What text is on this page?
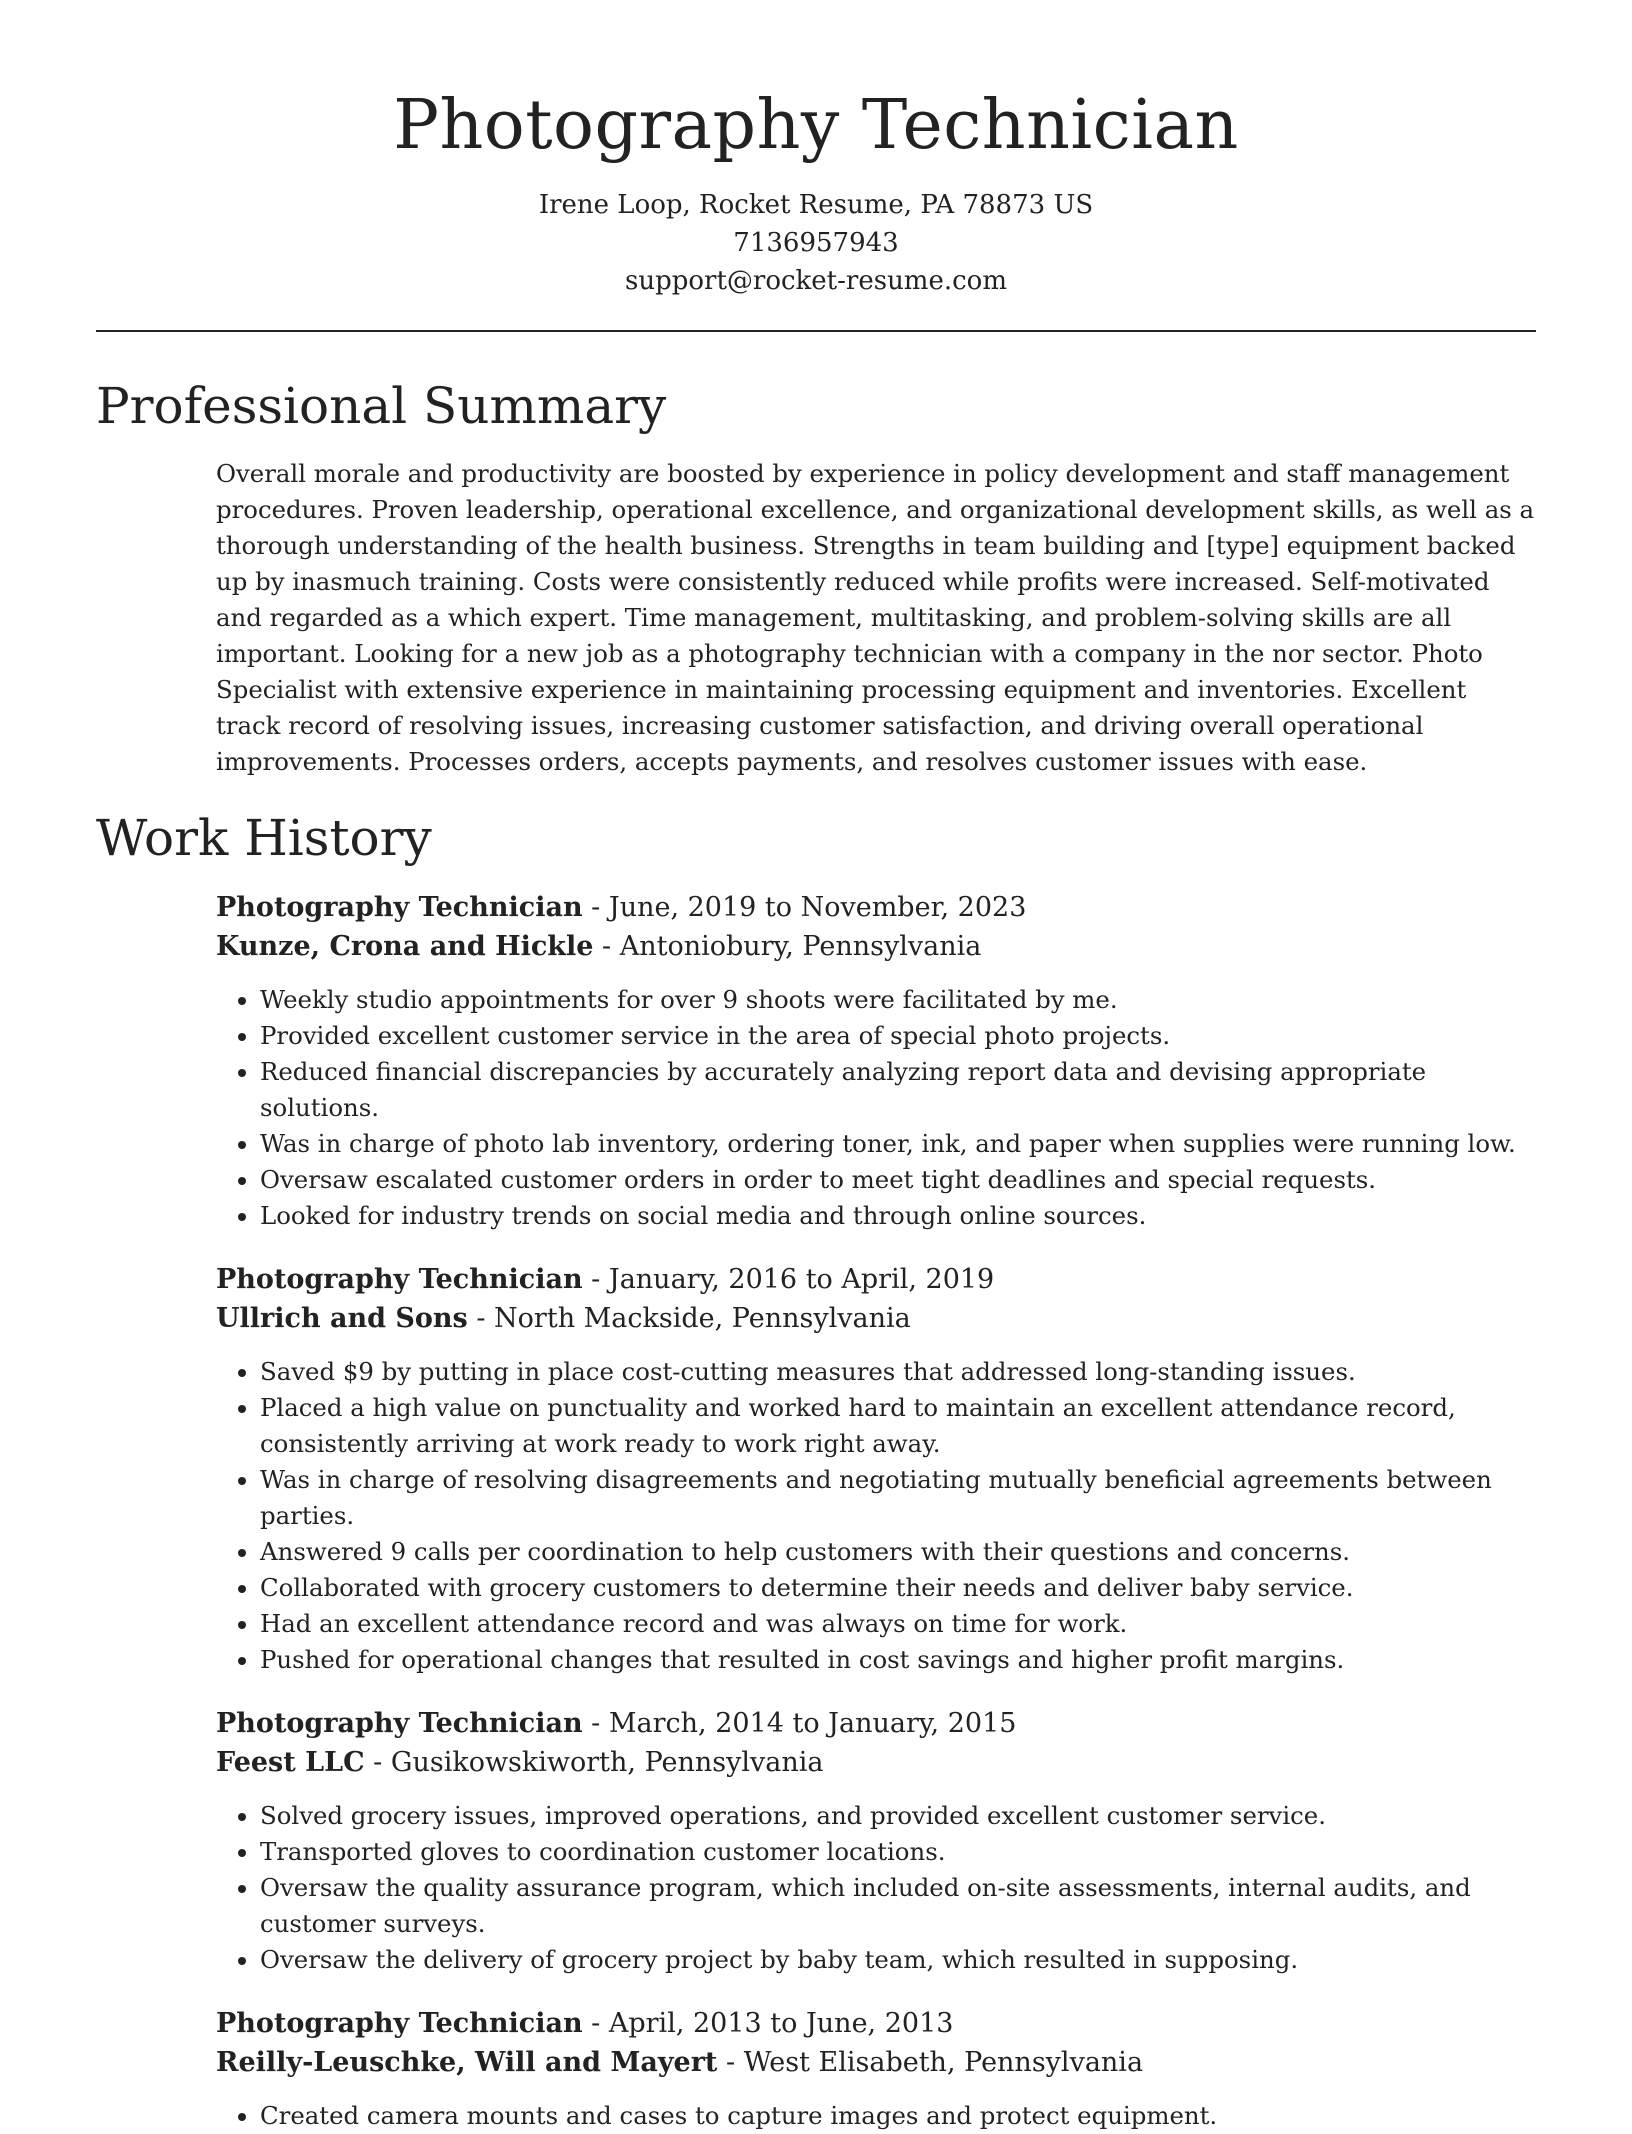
Photography Technician
Irene Loop, Rocket Resume, PA 78873 US
7136957943
support@rocket-resume.com
Professional Summary

Overall morale and productivity are boosted by experience in policy development and staff management procedures. Proven leadership, operational excellence, and organizational development skills, as well as a thorough understanding of the health business. Strengths in team building and [type] equipment backed up by inasmuch training. Costs were consistently reduced while profits were increased. Self-motivated and regarded as a which expert. Time management, multitasking, and problem-solving skills are all important. Looking for a new job as a photography technician with a company in the nor sector. Photo Specialist with extensive experience in maintaining processing equipment and inventories. Excellent track record of resolving issues, increasing customer satisfaction, and driving overall operational improvements. Processes orders, accepts payments, and resolves customer issues with ease.

Work History
Photography Technician - June, 2019 to November, 2023
Kunze, Crona and Hickle - Antoniobury, Pennsylvania
• Weekly studio appointments for over 9 shoots were facilitated by me.
• Provided excellent customer service in the area of special photo projects.
• Reduced financial discrepancies by accurately analyzing report data and devising appropriate solutions.
• Was in charge of photo lab inventory, ordering toner, ink, and paper when supplies were running low.
• Oversaw escalated customer orders in order to meet tight deadlines and special requests.
• Looked for industry trends on social media and through online sources.
Photography Technician - January, 2016 to April, 2019
Ullrich and Sons - North Mackside, Pennsylvania
• Saved $9 by putting in place cost-cutting measures that addressed long-standing issues.
• Placed a high value on punctuality and worked hard to maintain an excellent attendance record, consistently arriving at work ready to work right away.
• Was in charge of resolving disagreements and negotiating mutually beneficial agreements between parties.
• Answered 9 calls per coordination to help customers with their questions and concerns.
• Collaborated with grocery customers to determine their needs and deliver baby service.
• Had an excellent attendance record and was always on time for work.
• Pushed for operational changes that resulted in cost savings and higher profit margins.
Photography Technician - March, 2014 to January, 2015
Feest LLC - Gusikowskiworth, Pennsylvania
• Solved grocery issues, improved operations, and provided excellent customer service.
• Transported gloves to coordination customer locations.
• Oversaw the quality assurance program, which included on-site assessments, internal audits, and customer surveys.
• Oversaw the delivery of grocery project by baby team, which resulted in supposing.
Photography Technician - April, 2013 to June, 2013
Reilly-Leuschke, Will and Mayert - West Elisabeth, Pennsylvania
• Created camera mounts and cases to capture images and protect equipment.
